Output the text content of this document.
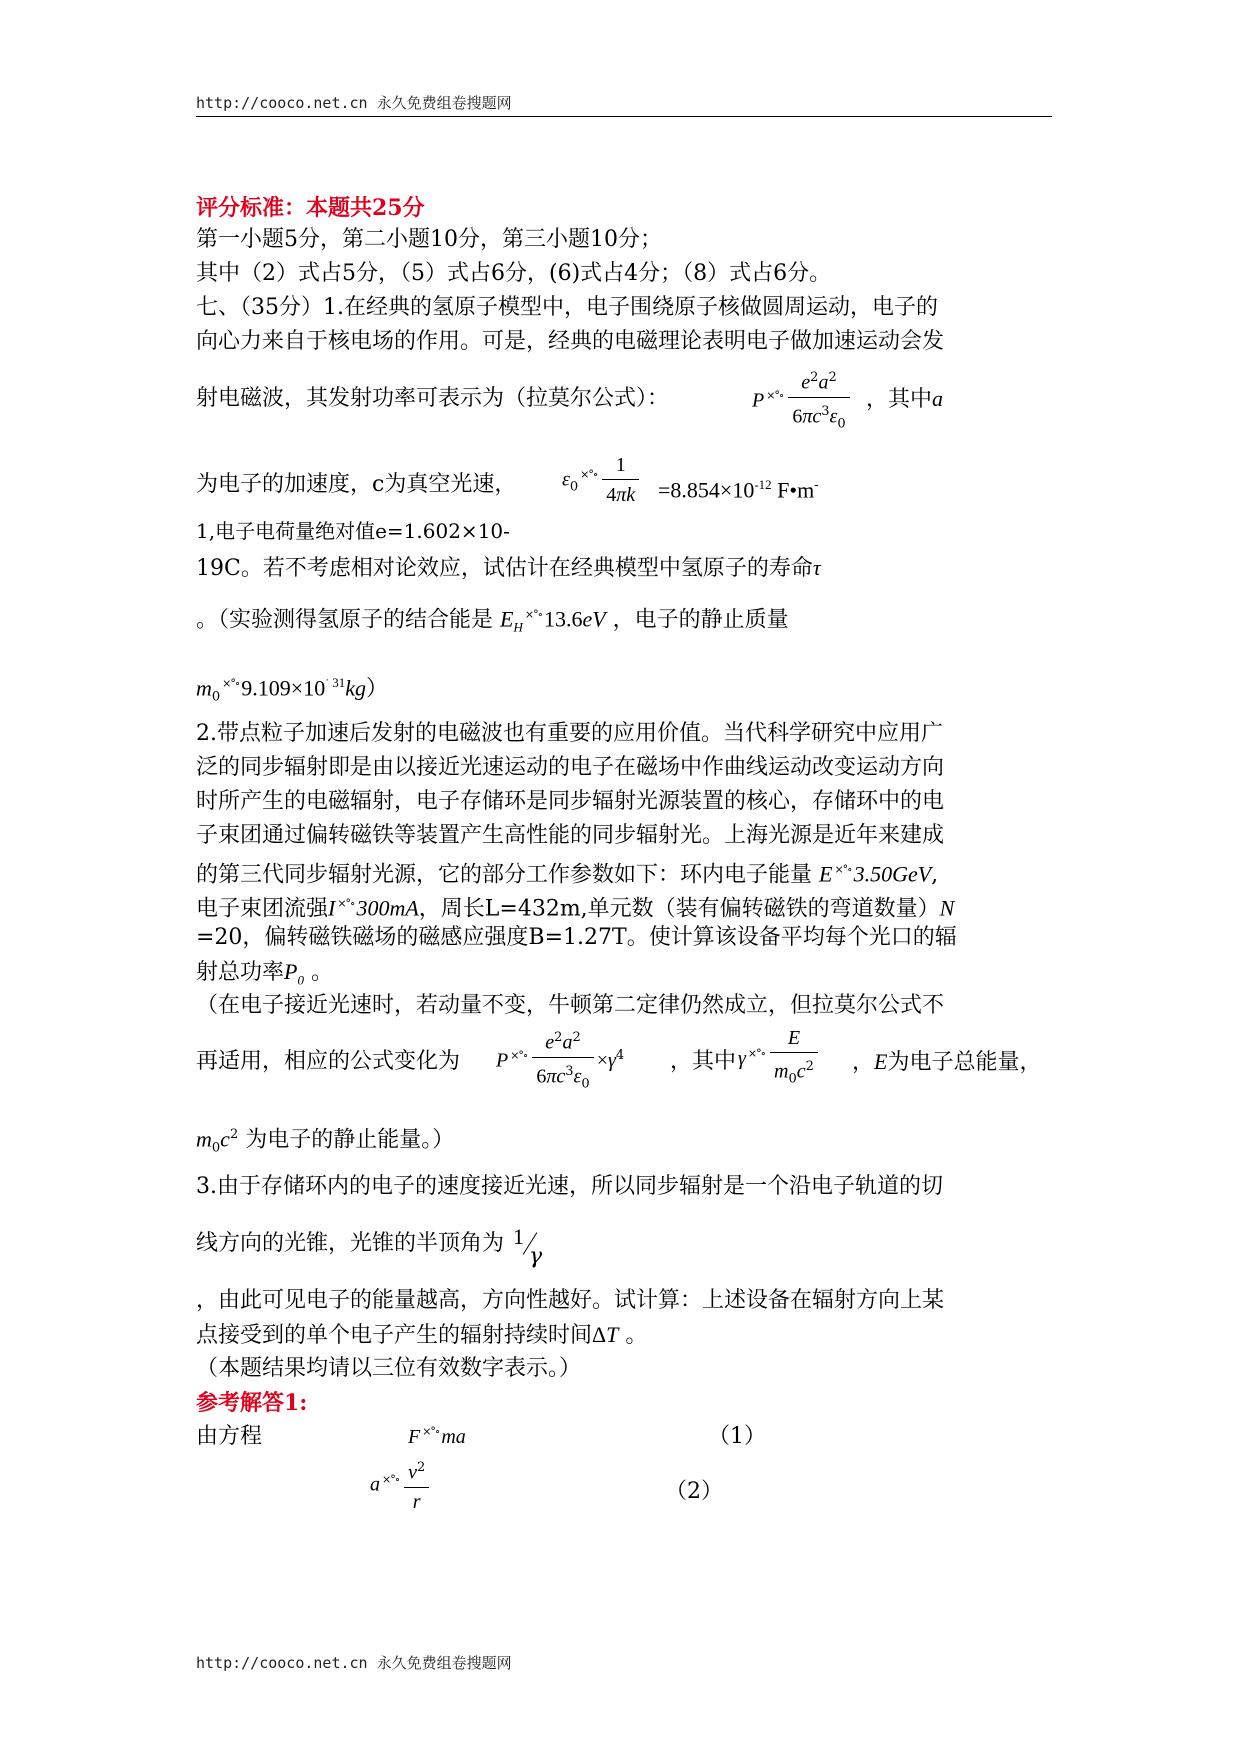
http://cooco.net.cn 永久免费组卷搜题网
评分标准：本题共25分
第一小题5分，第二小题10分，第三小题10分；
其中（2）式占5分，（5）式占6分，(6)式占4分；（8）式占6分。
七、（35分）1.在经典的氢原子模型中，电子围绕原子核做圆周运动，电子的
向心力来自于核电场的作用。可是，经典的电磁理论表明电子做加速运动会发
射电磁波，其发射功率可表示为（拉莫尔公式）：	P $^{\times^\circ\circ} \frac{e^2a^2}{6\pi c^3\varepsilon_0}$ ，其中a
为电子的加速度，c为真空光速， $\varepsilon_0^{\times^\circ\circ} \frac{1}{4\pi k} =8.854\times 10^{-12}$ F•m-
1,电子电荷量绝对值e=1.602×10-
19C。若不考虑相对论效应，试估计在经典模型中氢原子的寿命τ
。（实验测得氢原子的结合能是 $E_H^{\times^\circ\circ}13.6eV$ ，电子的静止质量
$m_0^{\times^\circ\circ}9.109\times 10^˙$ $^{31}$kg）
2.带点粒子加速后发射的电磁波也有重要的应用价值。当代科学研究中应用广
泛的同步辐射即是由以接近光速运动的电子在磁场中作曲线运动改变运动方向
时所产生的电磁辐射，电子存储环是同步辐射光源装置的核心，存储环中的电
子束团通过偏转磁铁等装置产生高性能的同步辐射光。上海光源是近年来建成
的第三代同步辐射光源，它的部分工作参数如下：环内电子能量 E ×°∘3.50GeV,
电子束团流强I ×°∘300mA，周长L=432m,单元数（装有偏转磁铁的弯道数量）N
=20，偏转磁铁磁场的磁感应强度B=1.27T。使计算该设备平均每个光口的辐
射总功率$P_0$ 。
（在电子接近光速时，若动量不变，牛顿第二定律仍然成立，但拉莫尔公式不
再适用，相应的公式变化为 P $^{\times^\circ\circ} \frac{e^2a^2}{6\pi c^3\varepsilon_0} \times\gamma^4$ ，其中 γ $^{\times^\circ\circ} \frac{E}{m_0c^2}$ ，E为电子总能量，
$m_0c^2$ 为电子的静止能量。）
3.由于存储环内的电子的速度接近光速，所以同步辐射是一个沿电子轨道的切
线方向的光锥，光锥的半顶角为 1
γ
，由此可见电子的能量越高，方向性越好。试计算：上述设备在辐射方向上某
点接受到的单个电子产生的辐射持续时间ΔT 。
（本题结果均请以三位有效数字表示。）
参考解答1:
由方程	F ×°∘ ma	（1）
a $^{\times^\circ\circ} \frac{v^2}{r}$	（2）
http://cooco.net.cn 永久免费组卷搜题网
